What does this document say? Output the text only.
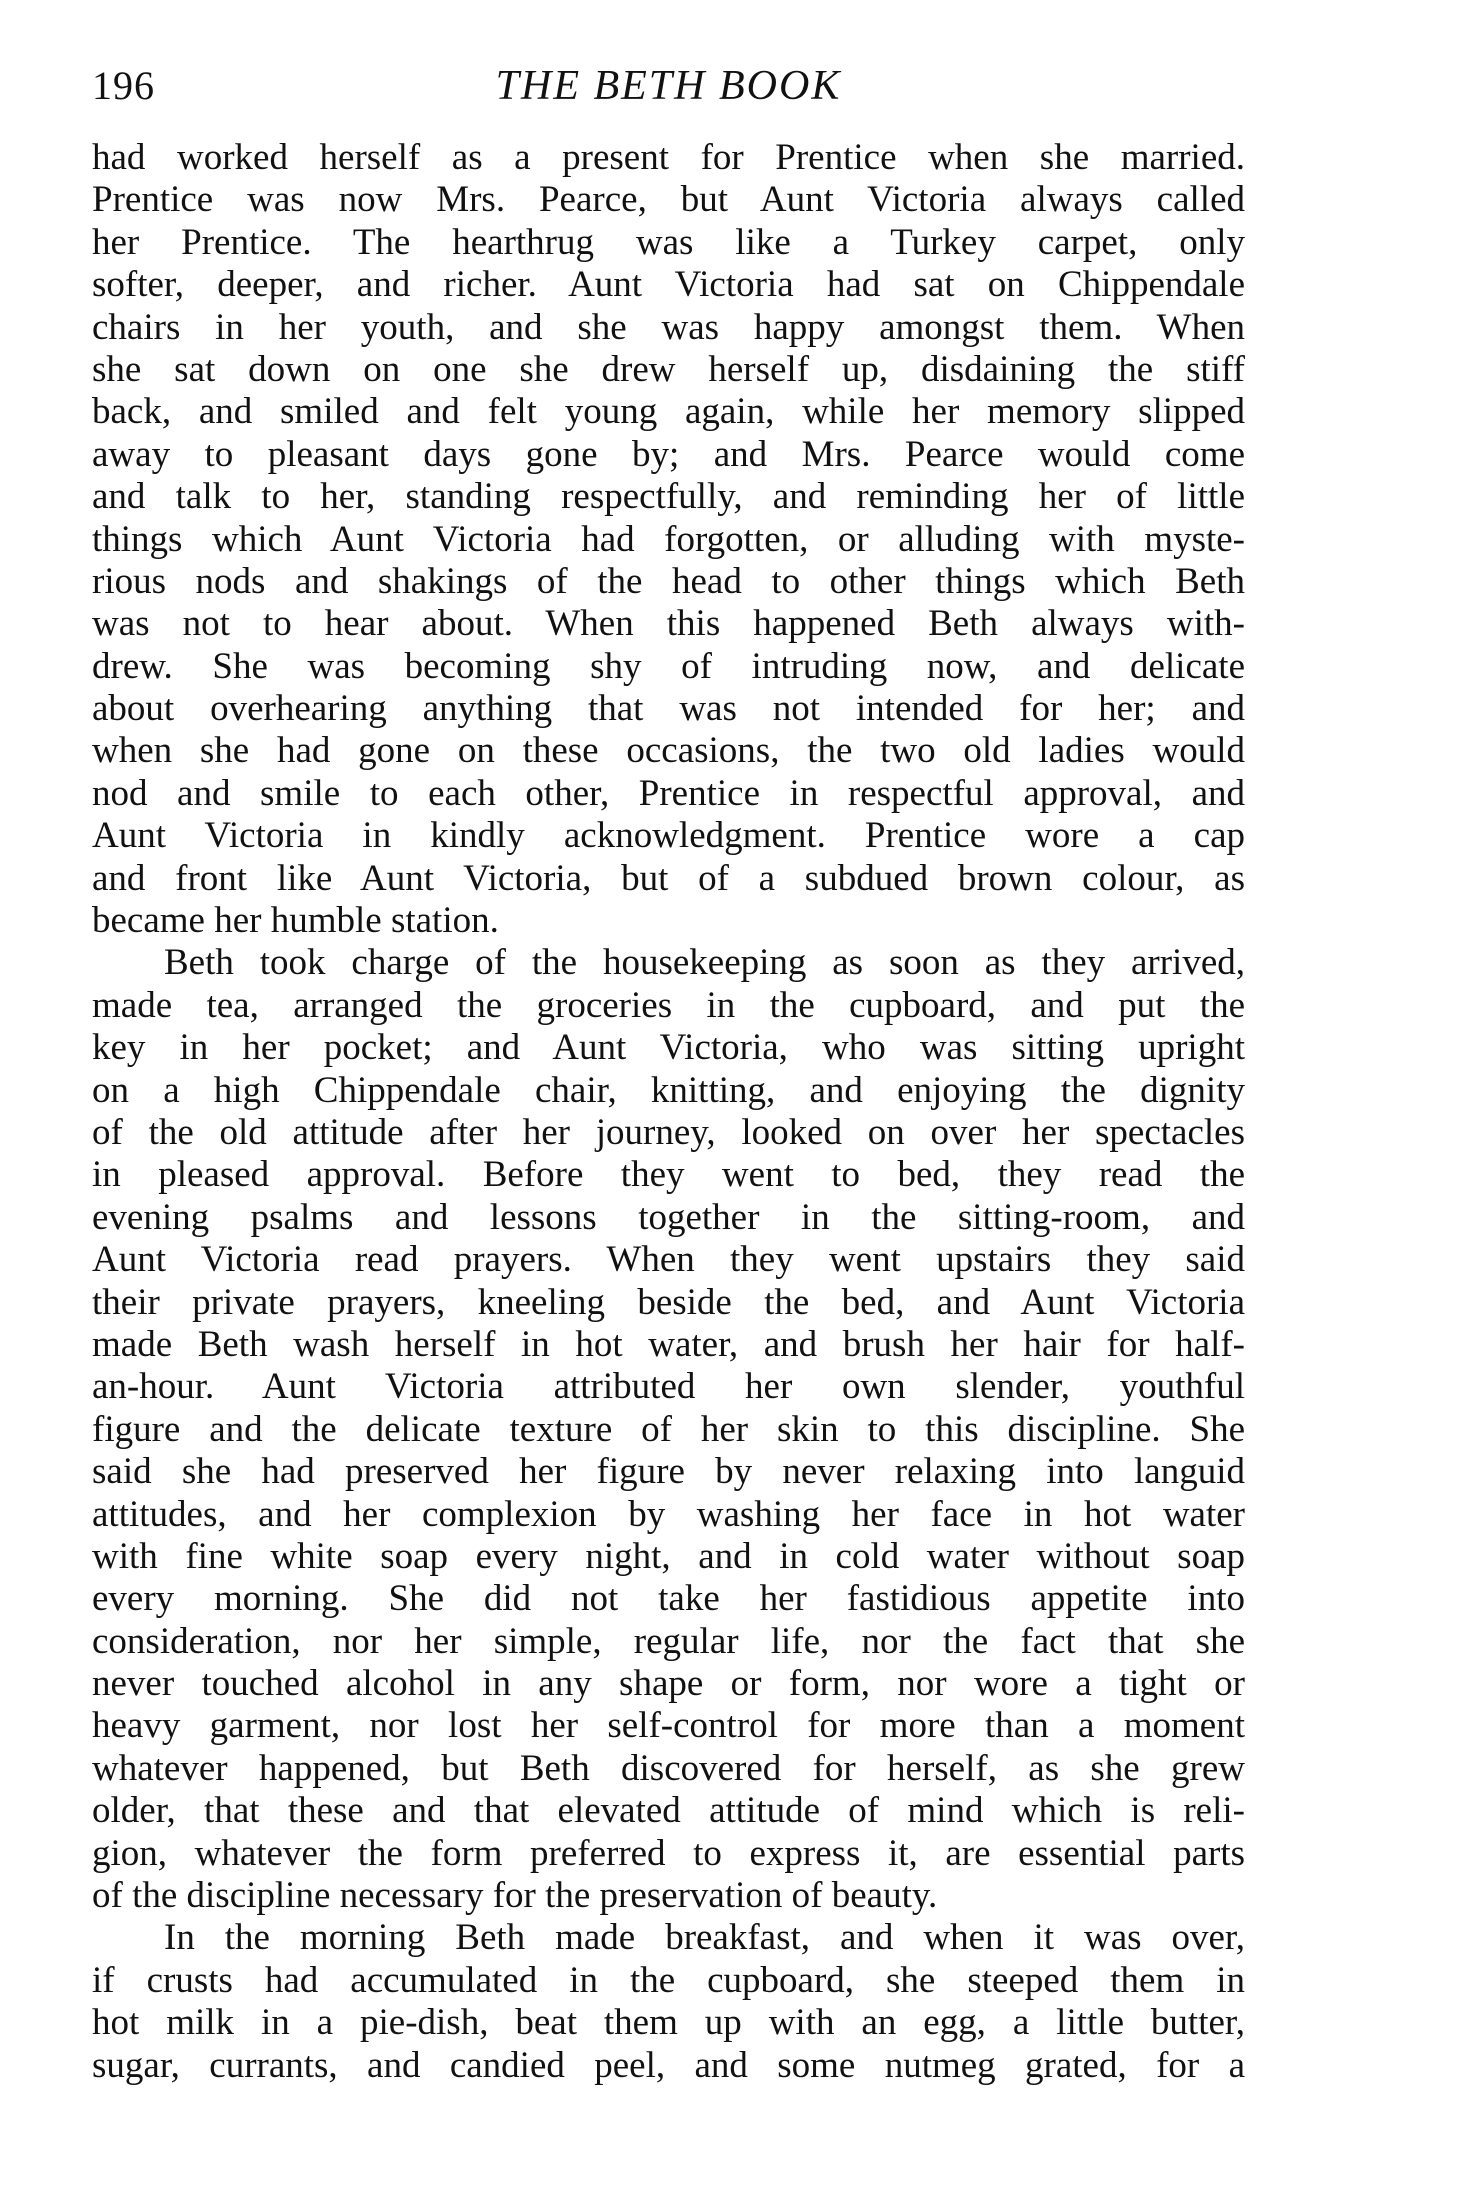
196	THE BETH BOOK
had worked herself as a present for Prentice when she married.
Prentice was now Mrs. Pearce, but Aunt Victoria always called
her Prentice. The hearthrug was like a Turkey carpet, only
softer, deeper, and richer. Aunt Victoria had sat on Chippendale
chairs in her youth, and she was happy amongst them. When
she sat down on one she drew herself up, disdaining the stiff
back, and smiled and felt young again, while her memory slipped
away to pleasant days gone by; and Mrs. Pearce would come
and talk to her, standing respectfully, and reminding her of little
things which Aunt Victoria had forgotten, or alluding with myste-
rious nods and shakings of the head to other things which Beth
was not to hear about. When this happened Beth always with-
drew. She was becoming shy of intruding now, and delicate
about overhearing anything that was not intended for her; and
when she had gone on these occasions, the two old ladies would
nod and smile to each other, Prentice in respectful approval, and
Aunt Victoria in kindly acknowledgment. Prentice wore a cap
and front like Aunt Victoria, but of a subdued brown colour, as
became her humble station.
Beth took charge of the housekeeping as soon as they arrived,
made tea, arranged the groceries in the cupboard, and put the
key in her pocket; and Aunt Victoria, who was sitting upright
on a high Chippendale chair, knitting, and enjoying the dignity
of the old attitude after her journey, looked on over her spectacles
in pleased approval. Before they went to bed, they read the
evening psalms and lessons together in the sitting-room, and
Aunt Victoria read prayers. When they went upstairs they said
their private prayers, kneeling beside the bed, and Aunt Victoria
made Beth wash herself in hot water, and brush her hair for half-
an-hour. Aunt Victoria attributed her own slender, youthful
figure and the delicate texture of her skin to this discipline. She
said she had preserved her figure by never relaxing into languid
attitudes, and her complexion by washing her face in hot water
with fine white soap every night, and in cold water without soap
every morning. She did not take her fastidious appetite into
consideration, nor her simple, regular life, nor the fact that she
never touched alcohol in any shape or form, nor wore a tight or
heavy garment, nor lost her self-control for more than a moment
whatever happened, but Beth discovered for herself, as she grew
older, that these and that elevated attitude of mind which is reli-
gion, whatever the form preferred to express it, are essential parts
of the discipline necessary for the preservation of beauty.
In the morning Beth made breakfast, and when it was over,
if crusts had accumulated in the cupboard, she steeped them in
hot milk in a pie-dish, beat them up with an egg, a little butter,
sugar, currants, and candied peel, and some nutmeg grated, for a
